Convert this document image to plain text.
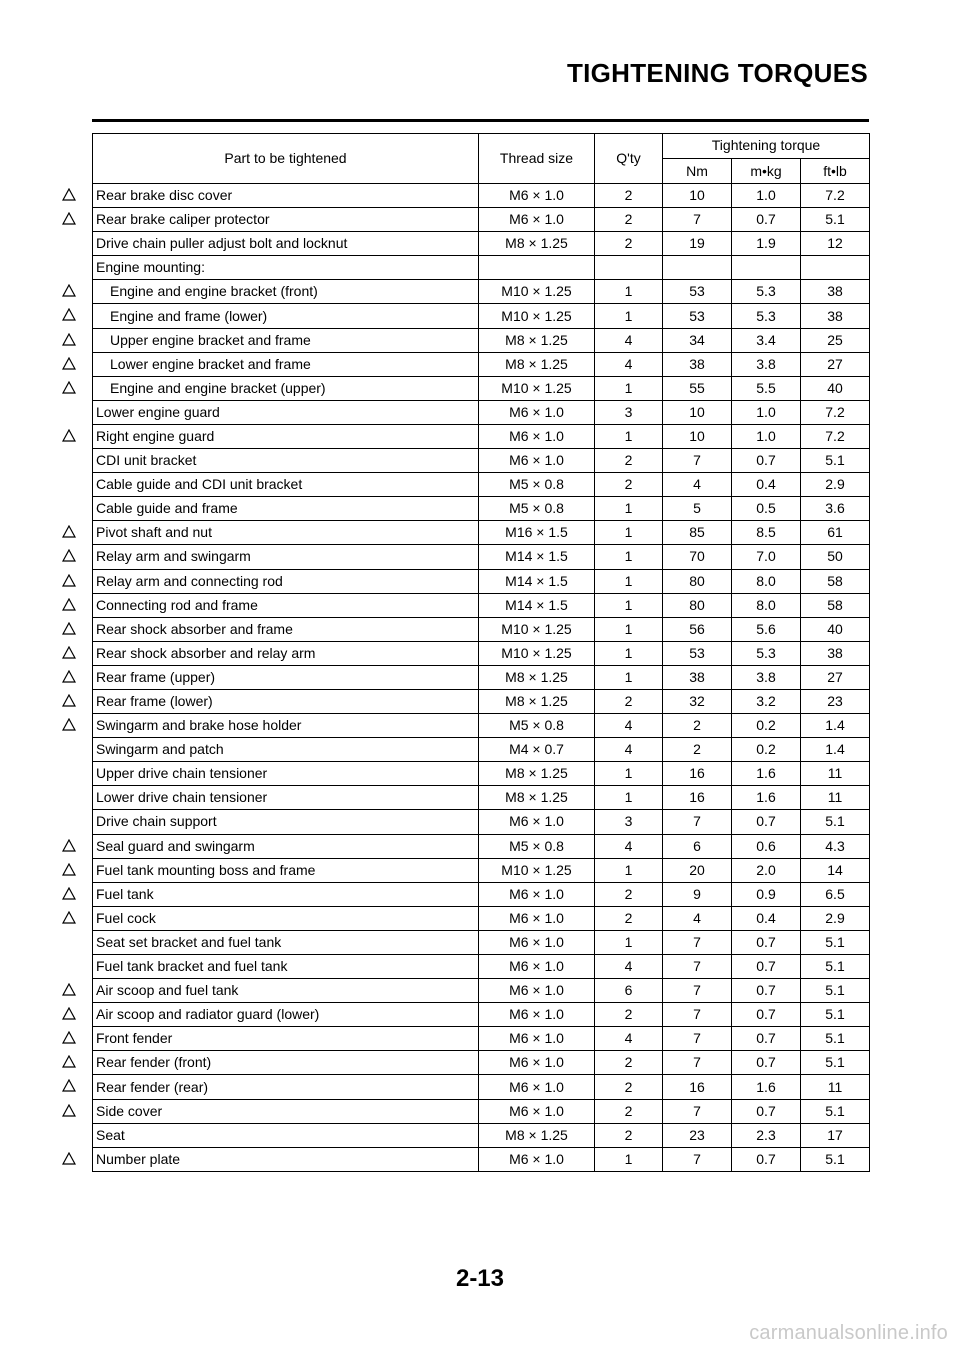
TIGHTENING TORQUES
Part to be tightened	Thread size	Q'ty	Tightening torque		
			Nm	m•kg	ft•lb

Rear brake disc cover	M6 × 1.0	2	10	1.0	7.2

Rear brake caliper protector	M6 × 1.0	2	7	0.7	5.1
Drive chain puller adjust bolt and locknut	M8 × 1.25	2	19	1.9	12
Engine mounting:					

Engine and engine bracket (front)	M10 × 1.25	1	53	5.3	38

Engine and frame (lower)	M10 × 1.25	1	53	5.3	38

Upper engine bracket and frame	M8 × 1.25	4	34	3.4	25

Lower engine bracket and frame	M8 × 1.25	4	38	3.8	27

Engine and engine bracket (upper)	M10 × 1.25	1	55	5.5	40
Lower engine guard	M6 × 1.0	3	10	1.0	7.2

Right engine guard	M6 × 1.0	1	10	1.0	7.2
CDI unit bracket	M6 × 1.0	2	7	0.7	5.1
Cable guide and CDI unit bracket	M5 × 0.8	2	4	0.4	2.9
Cable guide and frame	M5 × 0.8	1	5	0.5	3.6

Pivot shaft and nut	M16 × 1.5	1	85	8.5	61

Relay arm and swingarm	M14 × 1.5	1	70	7.0	50

Relay arm and connecting rod	M14 × 1.5	1	80	8.0	58

Connecting rod and frame	M14 × 1.5	1	80	8.0	58

Rear shock absorber and frame	M10 × 1.25	1	56	5.6	40

Rear shock absorber and relay arm	M10 × 1.25	1	53	5.3	38

Rear frame (upper)	M8 × 1.25	1	38	3.8	27

Rear frame (lower)	M8 × 1.25	2	32	3.2	23

Swingarm and brake hose holder	M5 × 0.8	4	2	0.2	1.4
Swingarm and patch	M4 × 0.7	4	2	0.2	1.4
Upper drive chain tensioner	M8 × 1.25	1	16	1.6	11
Lower drive chain tensioner	M8 × 1.25	1	16	1.6	11
Drive chain support	M6 × 1.0	3	7	0.7	5.1

Seal guard and swingarm	M5 × 0.8	4	6	0.6	4.3

Fuel tank mounting boss and frame	M10 × 1.25	1	20	2.0	14

Fuel tank	M6 × 1.0	2	9	0.9	6.5

Fuel cock	M6 × 1.0	2	4	0.4	2.9
Seat set bracket and fuel tank	M6 × 1.0	1	7	0.7	5.1
Fuel tank bracket and fuel tank	M6 × 1.0	4	7	0.7	5.1

Air scoop and fuel tank	M6 × 1.0	6	7	0.7	5.1

Air scoop and radiator guard (lower)	M6 × 1.0	2	7	0.7	5.1

Front fender	M6 × 1.0	4	7	0.7	5.1

Rear fender (front)	M6 × 1.0	2	7	0.7	5.1

Rear fender (rear)	M6 × 1.0	2	16	1.6	11

Side cover	M6 × 1.0	2	7	0.7	5.1
Seat	M8 × 1.25	2	23	2.3	17

Number plate	M6 × 1.0	1	7	0.7	5.1
2-13
carmanualsonline.info
